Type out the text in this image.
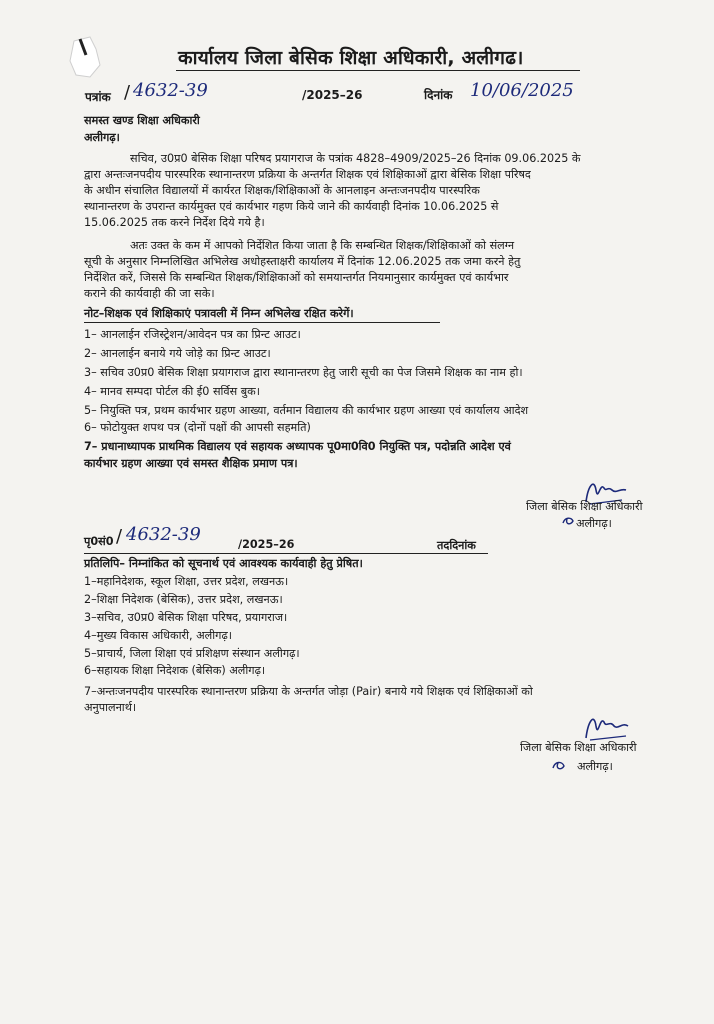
कार्यालय जिला बेसिक शिक्षा अधिकारी, अलीगढ।
पत्रांक / 4632-39	/2025–26	दिनांक 10/06/2025
समस्त खण्ड शिक्षा अधिकारी
अलीगढ़।
सचिव, उ0प्र0 बेसिक शिक्षा परिषद प्रयागराज के पत्रांक 4828–4909/2025–26 दिनांक 09.06.2025 के
द्वारा अन्तःजनपदीय पारस्परिक स्थानान्तरण प्रक्रिया के अन्तर्गत शिक्षक एवं शिक्षिकाओं द्वारा बेसिक शिक्षा परिषद
के अधीन संचालित विद्यालयों में कार्यरत शिक्षक/शिक्षिकाओं के आनलाइन अन्तःजनपदीय पारस्परिक
स्थानान्तरण के उपरान्त कार्यमुक्त एवं कार्यभार गहण किये जाने की कार्यवाही दिनांक 10.06.2025 से
15.06.2025 तक करने निर्देश दिये गये है।
अतः उक्त के कम में आपको निर्देशित किया जाता है कि सम्बन्धित शिक्षक/शिक्षिकाओं को संलग्न
सूची के अनुसार निम्नलिखित अभिलेख अधोहस्ताक्षरी कार्यालय में दिनांक 12.06.2025 तक जमा करने हेतु
निर्देशित करें, जिससे कि सम्बन्धित शिक्षक/शिक्षिकाओं को समयान्तर्गत नियमानुसार कार्यमुक्त एवं कार्यभार
कराने की कार्यवाही की जा सके।
नोट–शिक्षक एवं शिक्षिकाएं पत्रावली में निम्न अभिलेख रक्षित करेगें।
1– आनलाईन रजिस्ट्रेशन/आवेदन पत्र का प्रिन्ट आउट।
2– आनलाईन बनाये गये जोड़े का प्रिन्ट आउट।
3– सचिव उ0प्र0 बेसिक शिक्षा प्रयागराज द्वारा स्थानान्तरण हेतु जारी सूची का पेज जिसमे शिक्षक का नाम हो।
4– मानव सम्पदा पोर्टल की ई0 सर्विस बुक।
5– नियुक्ति पत्र, प्रथम कार्यभार ग्रहण आख्या, वर्तमान विद्यालय की कार्यभार ग्रहण आख्या एवं कार्यालय आदेश
6– फोटोयुक्त शपथ पत्र (दोनों पक्षों की आपसी सहमति)
7– प्रधानाध्यापक प्राथमिक विद्यालय एवं सहायक अध्यापक पू0मा0वि0 नियुक्ति पत्र, पदोन्नति आदेश एवं
कार्यभार ग्रहण आख्या एवं समस्त शैक्षिक प्रमाण पत्र।
जिला बेसिक शिक्षा अधिकारी
अलीगढ़।
पृ0सं0 / 4632-39	/2025–26	तददिनांक
प्रतिलिपि– निम्नांकित को सूचनार्थ एवं आवश्यक कार्यवाही हेतु प्रेषित।
1–महानिदेशक, स्कूल शिक्षा, उत्तर प्रदेश, लखनऊ।
2–शिक्षा निदेशक (बेसिक), उत्तर प्रदेश, लखनऊ।
3–सचिव, उ0प्र0 बेसिक शिक्षा परिषद, प्रयागराज।
4–मुख्य विकास अधिकारी, अलीगढ़।
5–प्राचार्य, जिला शिक्षा एवं प्रशिक्षण संस्थान अलीगढ़।
6–सहायक शिक्षा निदेशक (बेसिक) अलीगढ़।
7–अन्तःजनपदीय पारस्परिक स्थानान्तरण प्रक्रिया के अन्तर्गत जोड़ा (Pair) बनाये गये शिक्षक एवं शिक्षिकाओं को
अनुपालनार्थ।
जिला बेसिक शिक्षा अधिकारी
अलीगढ़।
